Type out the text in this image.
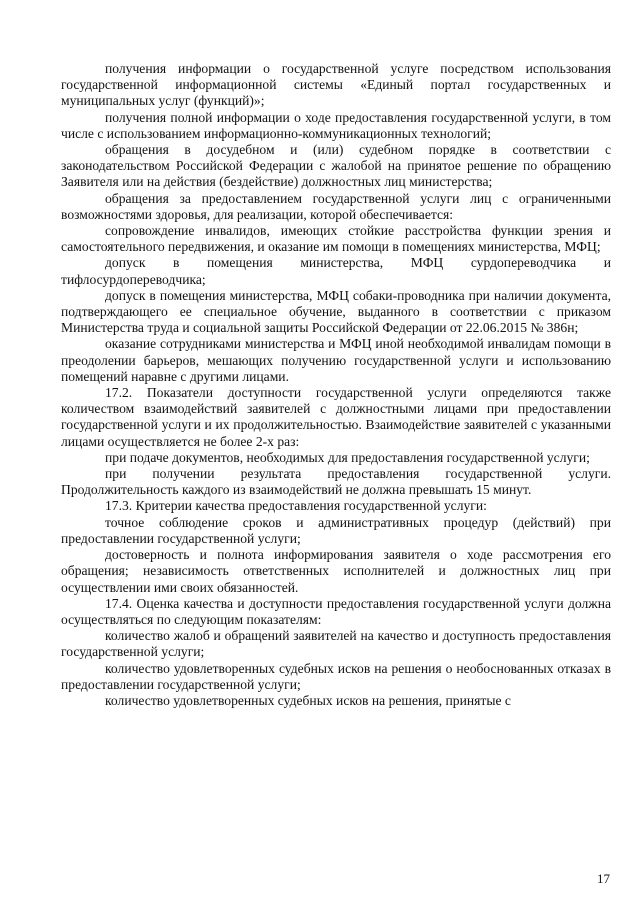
получения информации о государственной услуге посредством использования государственной информационной системы «Единый портал государственных и муниципальных услуг (функций)»;

получения полной информации о ходе предоставления государственной услуги, в том числе с использованием информационно-коммуникационных технологий;

обращения в досудебном и (или) судебном порядке в соответствии с законодательством Российской Федерации с жалобой на принятое решение по обращению Заявителя или на действия (бездействие) должностных лиц министерства;

обращения за предоставлением государственной услуги лиц с ограниченными возможностями здоровья, для реализации, которой обеспечивается:

сопровождение инвалидов, имеющих стойкие расстройства функции зрения и самостоятельного передвижения, и оказание им помощи в помещениях министерства, МФЦ;

допуск в помещения министерства, МФЦ сурдопереводчика и тифлосурдопереводчика;

допуск в помещения министерства, МФЦ собаки-проводника при наличии документа, подтверждающего ее специальное обучение, выданного в соответствии с приказом Министерства труда и социальной защиты Российской Федерации от 22.06.2015 № 386н;

оказание сотрудниками министерства и МФЦ иной необходимой инвалидам помощи в преодолении барьеров, мешающих получению государственной услуги и использованию помещений наравне с другими лицами.

17.2. Показатели доступности государственной услуги определяются также количеством взаимодействий заявителей с должностными лицами при предоставлении государственной услуги и их продолжительностью. Взаимодействие заявителей с указанными лицами осуществляется не более 2-х раз:

при подаче документов, необходимых для предоставления государственной услуги;

при получении результата предоставления государственной услуги. Продолжительность каждого из взаимодействий не должна превышать 15 минут.

17.3. Критерии качества предоставления государственной услуги:

точное соблюдение сроков и административных процедур (действий) при предоставлении государственной услуги;

достоверность и полнота информирования заявителя о ходе рассмотрения его обращения; независимость ответственных исполнителей и должностных лиц при осуществлении ими своих обязанностей.

17.4. Оценка качества и доступности предоставления государственной услуги должна осуществляться по следующим показателям:

количество жалоб и обращений заявителей на качество и доступность предоставления государственной услуги;

количество удовлетворенных судебных исков на решения о необоснованных отказах в предоставлении государственной услуги;

количество удовлетворенных судебных исков на решения, принятые с

17
